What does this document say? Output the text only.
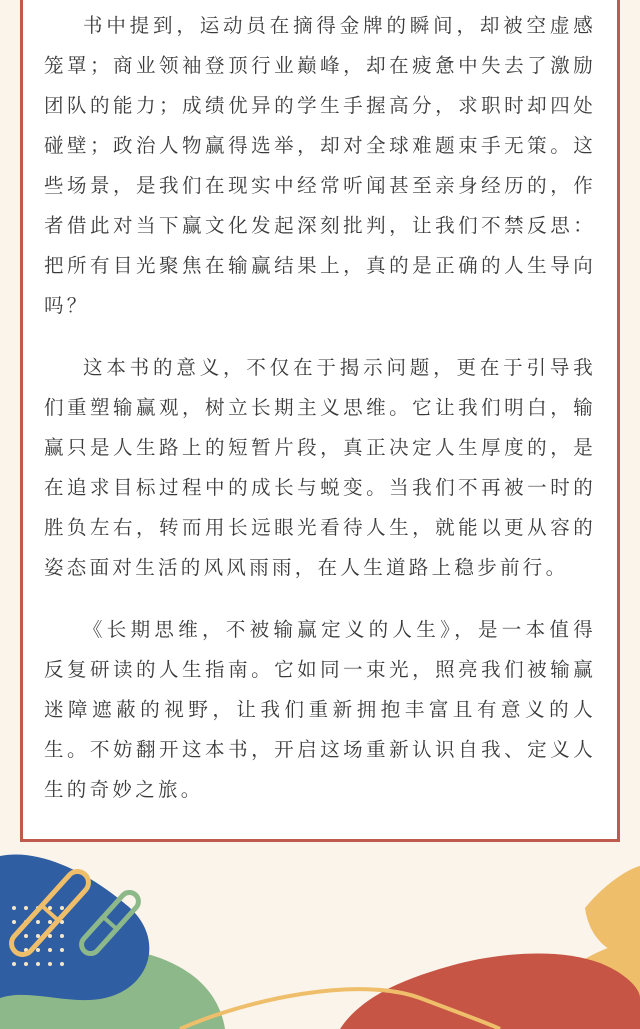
书中提到，运动员在摘得金牌的瞬间，却被空虚感笼罩；商业领袖登顶行业巅峰，却在疲惫中失去了激励团队的能力；成绩优异的学生手握高分，求职时却四处碰壁；政治人物赢得选举，却对全球难题束手无策。这些场景，是我们在现实中经常听闻甚至亲身经历的，作者借此对当下赢文化发起深刻批判，让我们不禁反思：把所有目光聚焦在输赢结果上，真的是正确的人生导向吗？

这本书的意义，不仅在于揭示问题，更在于引导我们重塑输赢观，树立长期主义思维。它让我们明白，输赢只是人生路上的短暂片段，真正决定人生厚度的，是在追求目标过程中的成长与蜕变。当我们不再被一时的胜负左右，转而用长远眼光看待人生，就能以更从容的姿态面对生活的风风雨雨，在人生道路上稳步前行。

《长期思维，不被输赢定义的人生》，是一本值得反复研读的人生指南。它如同一束光，照亮我们被输赢迷障遮蔽的视野，让我们重新拥抱丰富且有意义的人生。不妨翻开这本书，开启这场重新认识自我、定义人生的奇妙之旅。
